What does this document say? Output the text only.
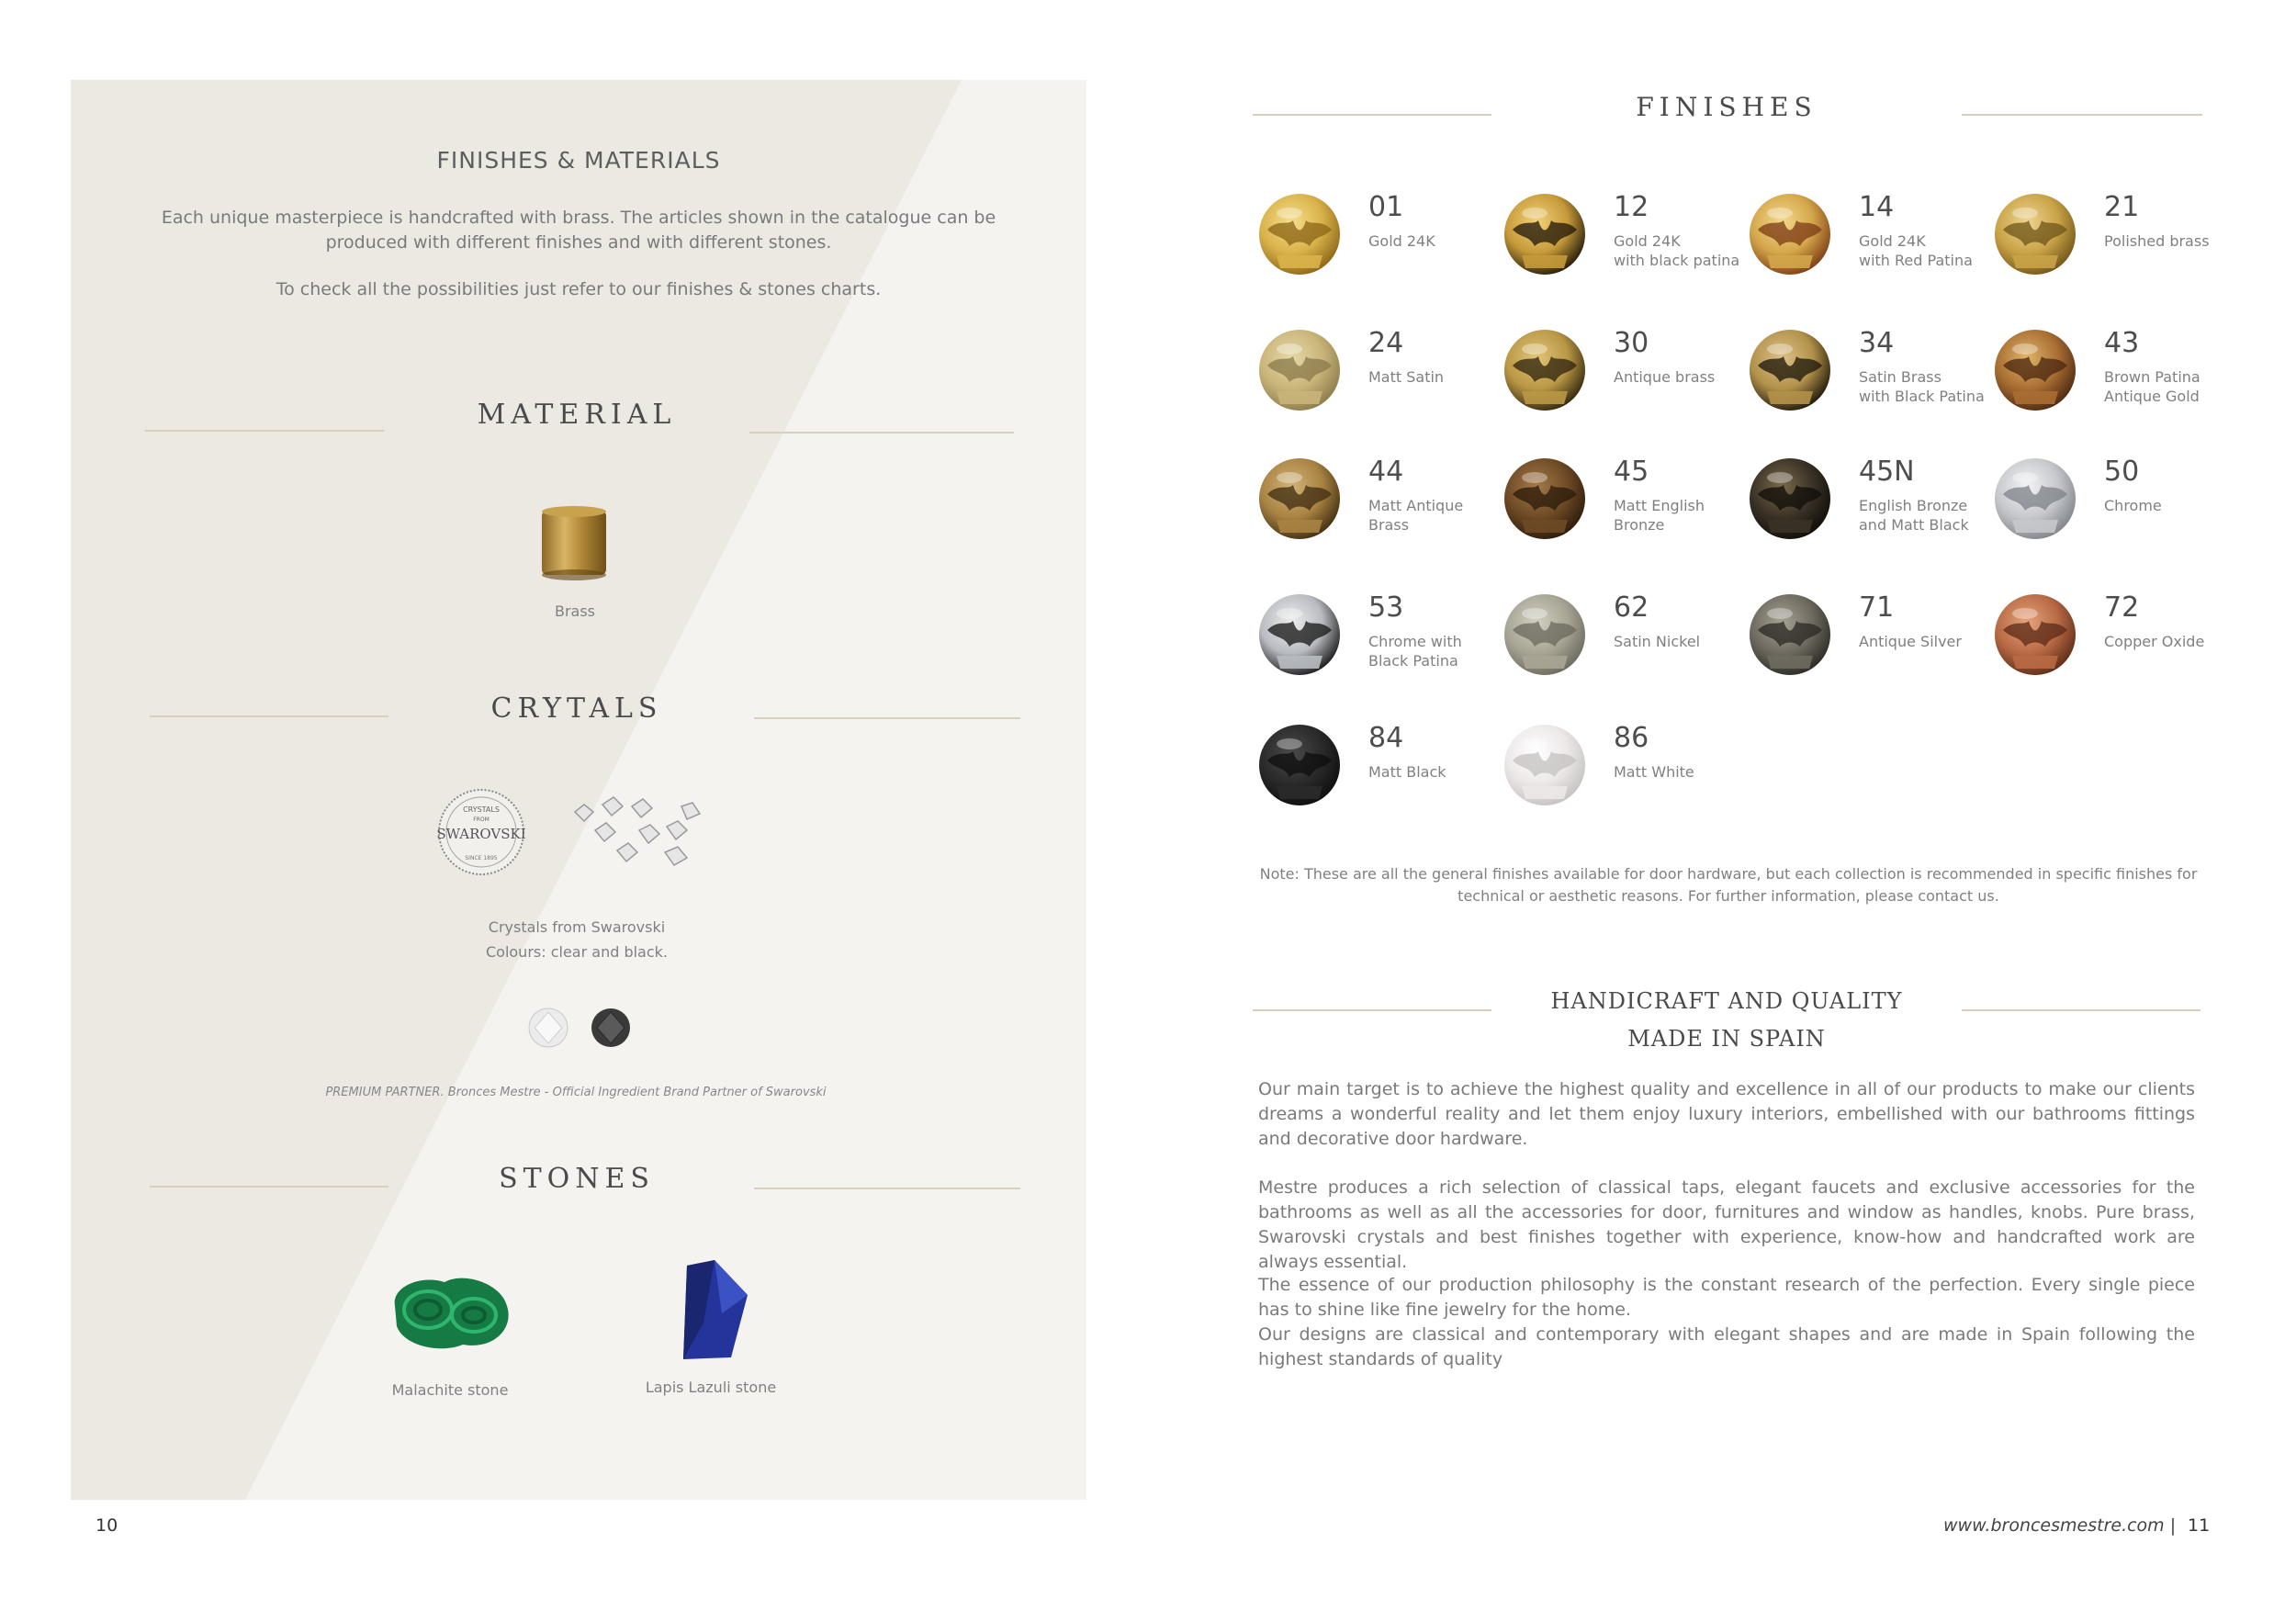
FINISHES & MATERIALS
Each unique masterpiece is handcrafted with brass. The articles shown in the catalogue can be
produced with different finishes and with different stones.
To check all the possibilities just refer to our finishes & stones charts.
MATERIAL
Brass
CRYTALS
CRYSTALS
FROM
SWAROVSKI
SINCE 1895
Crystals from Swarovski
Colours: clear and black.
PREMIUM PARTNER. Bronces Mestre - Official Ingredient Brand Partner of Swarovski
STONES
Malachite stone	Lapis Lazuli stone
10
FINISHES
01
Gold 24K
12
Gold 24K
with black patina
14
Gold 24K
with Red Patina
21
Polished brass
24
Matt Satin
30
Antique brass
34
Satin Brass
with Black Patina
43
Brown Patina
Antique Gold
44
Matt Antique
Brass
45
Matt English
Bronze
45N
English Bronze
and Matt Black
50
Chrome
53
Chrome with
Black Patina
62
Satin Nickel
71
Antique Silver
72
Copper Oxide
84
Matt Black
86
Matt White
Note: These are all the general finishes available for door hardware, but each collection is recommended in specific finishes for
technical or aesthetic reasons. For further information, please contact us.
HANDICRAFT AND QUALITY
MADE IN SPAIN
Our main target is to achieve the highest quality and excellence in all of our products to make our clients dreams a wonderful reality and let them enjoy luxury interiors, embellished with our bathrooms fittings and decorative door hardware.
Mestre produces a rich selection of classical taps, elegant faucets and exclusive accessories for the bathrooms as well as all the accessories for door, furnitures and window as handles, knobs. Pure brass, Swarovski crystals and best finishes together with experience, know-how and handcrafted work are always essential.
The essence of our production philosophy is the constant research of the perfection. Every single piece has to shine like fine jewelry for the home.
Our designs are classical and contemporary with elegant shapes and are made in Spain following the highest standards of quality
www.broncesmestre.com | 11
